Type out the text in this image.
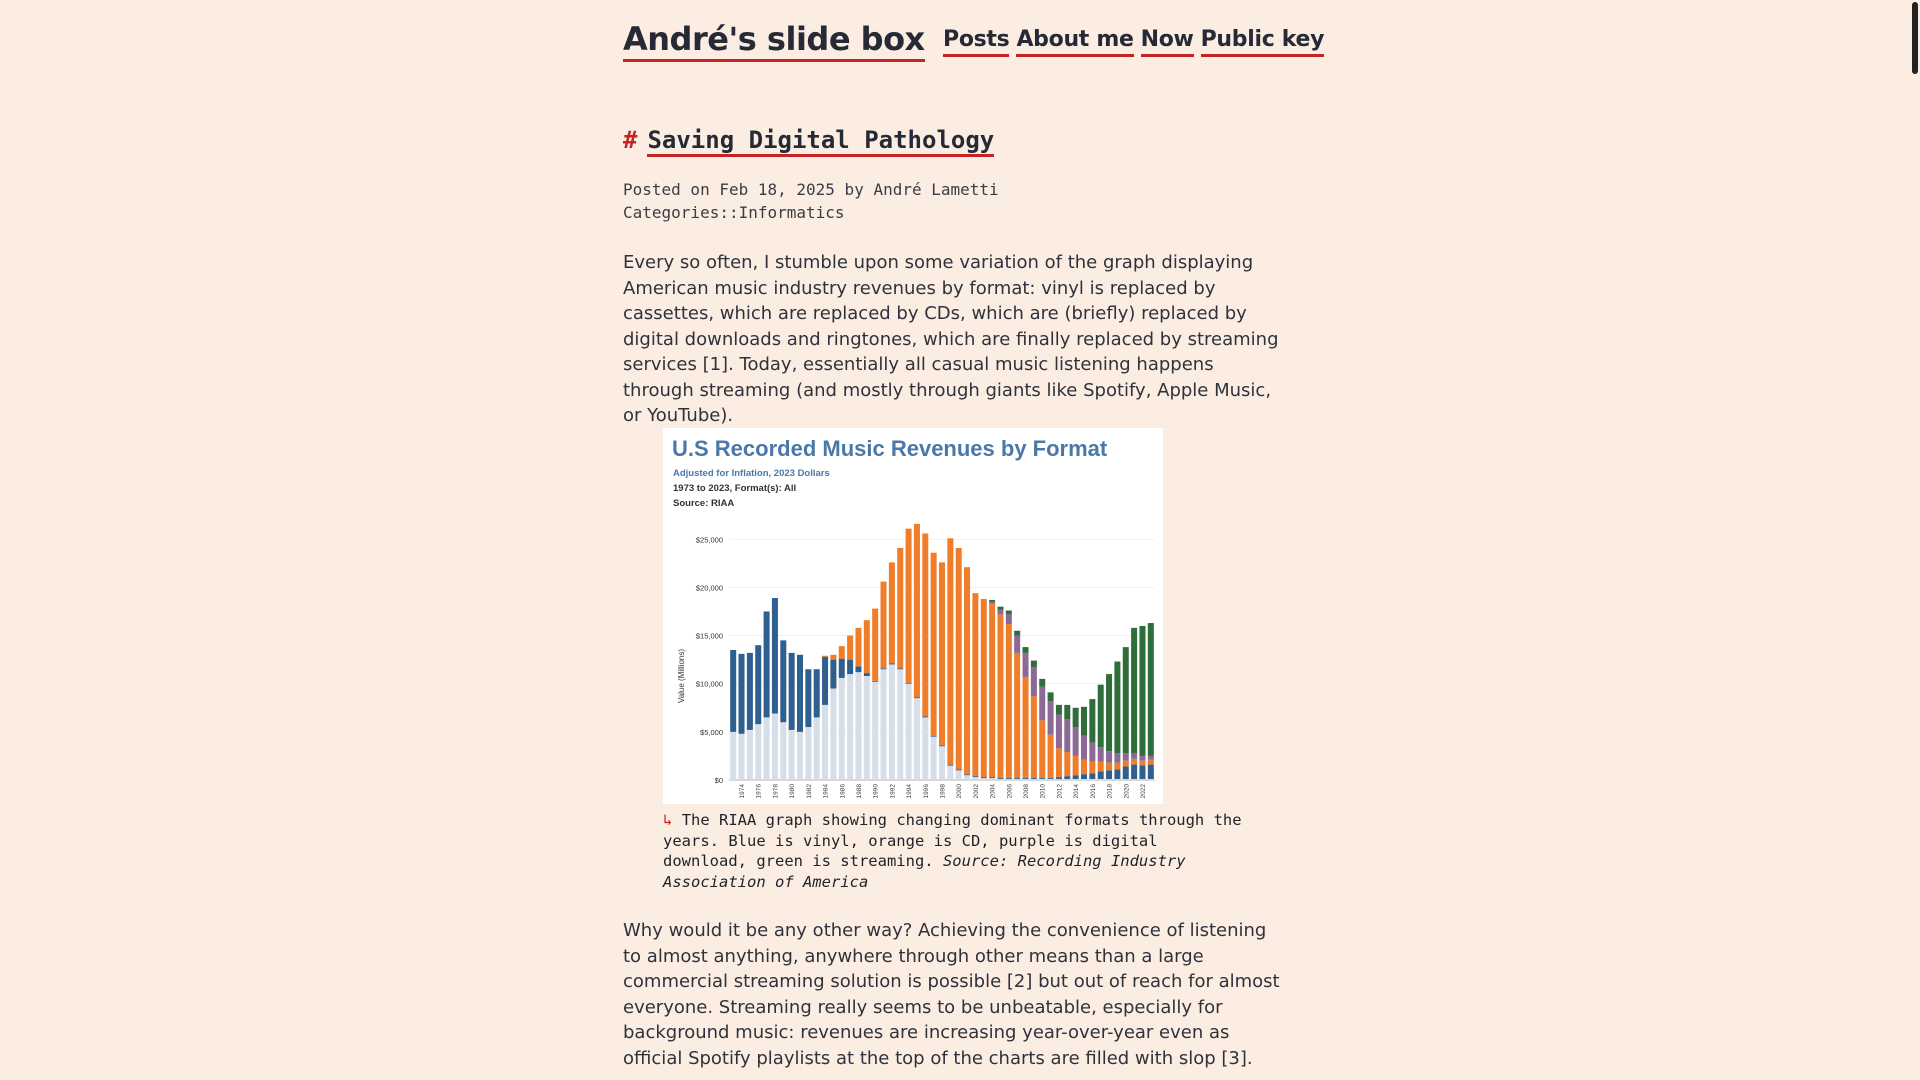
André's slide box Posts About me Now Public key
# Saving Digital Pathology
Posted on Feb 18, 2025 by André Lametti
Categories::Informatics

Every so often, I stumble upon some variation of the graph displaying American music industry revenues by format: vinyl is replaced by cassettes, which are replaced by CDs, which are (briefly) replaced by digital downloads and ringtones, which are finally replaced by streaming services [1]. Today, essentially all casual music listening happens through streaming (and mostly through giants like Spotify, Apple Music, or YouTube).

U.S Recorded Music Revenues by Format
Adjusted for Inflation, 2023 Dollars
1973 to 2023, Format(s): All
Source: RIAA
Value (Millions)
1974 1976 1978 1980 1982 1984 1986 1988 1990 1992 1994 1996 1998 2000 2002 2004 2006 2008 2010 2012 2014 2016 2018 2020 2022
$0
$5,000
$10,000
$15,000
$20,000
$25,000
↳ The RIAA graph showing changing dominant formats through the years. Blue is vinyl, orange is CD, purple is digital download, green is streaming. Source: Recording Industry Association of America

Why would it be any other way? Achieving the convenience of listening to almost anything, anywhere through other means than a large commercial streaming solution is possible [2] but out of reach for almost everyone. Streaming really seems to be unbeatable, especially for background music: revenues are increasing year-over-year even as official Spotify playlists at the top of the charts are filled with slop [3].
